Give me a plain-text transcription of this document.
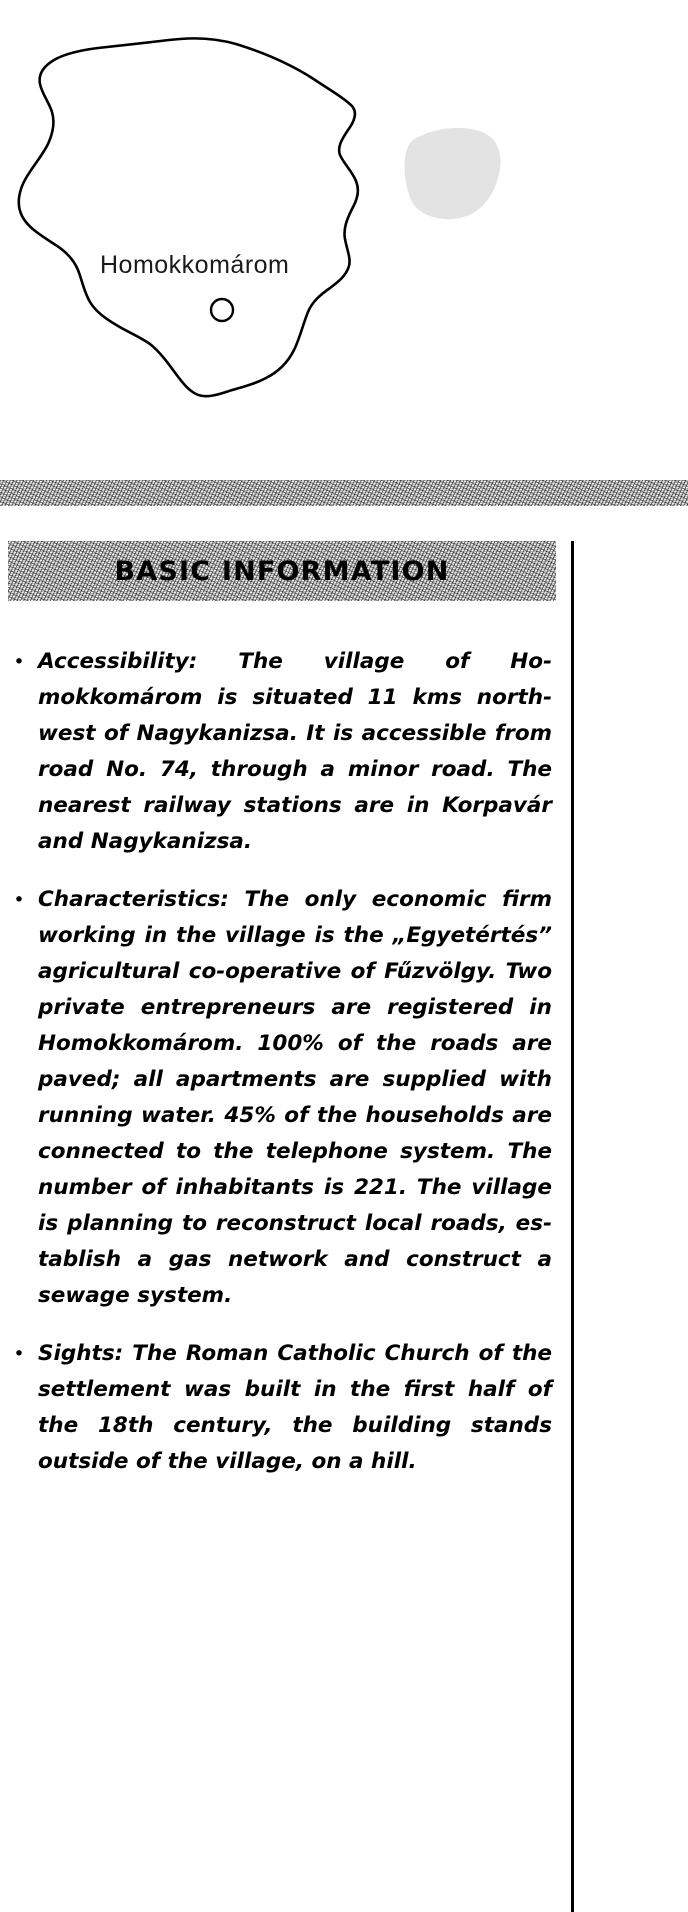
Homokkomárom
BASIC INFORMATION
• Accessibility: The village of Homokkomárom is situated 11 kms northwest of Nagykanizsa. It is accessible from road No. 74, through a minor road. The nearest railway stations are in Korpavár and Nagykanizsa.
• Characteristics: The only economic firm working in the village is the „Egyetértés” agricultural co-operative of Fűzvölgy. Two private entrepreneurs are registered in Homokkomárom. 100% of the roads are paved; all apartments are supplied with running water. 45% of the households are connected to the telephone system. The number of inhabitants is 221. The village is planning to reconstruct local roads, establish a gas network and construct a sewage system.
• Sights: The Roman Catholic Church of the settlement was built in the first half of the 18th century, the building stands outside of the village, on a hill.
